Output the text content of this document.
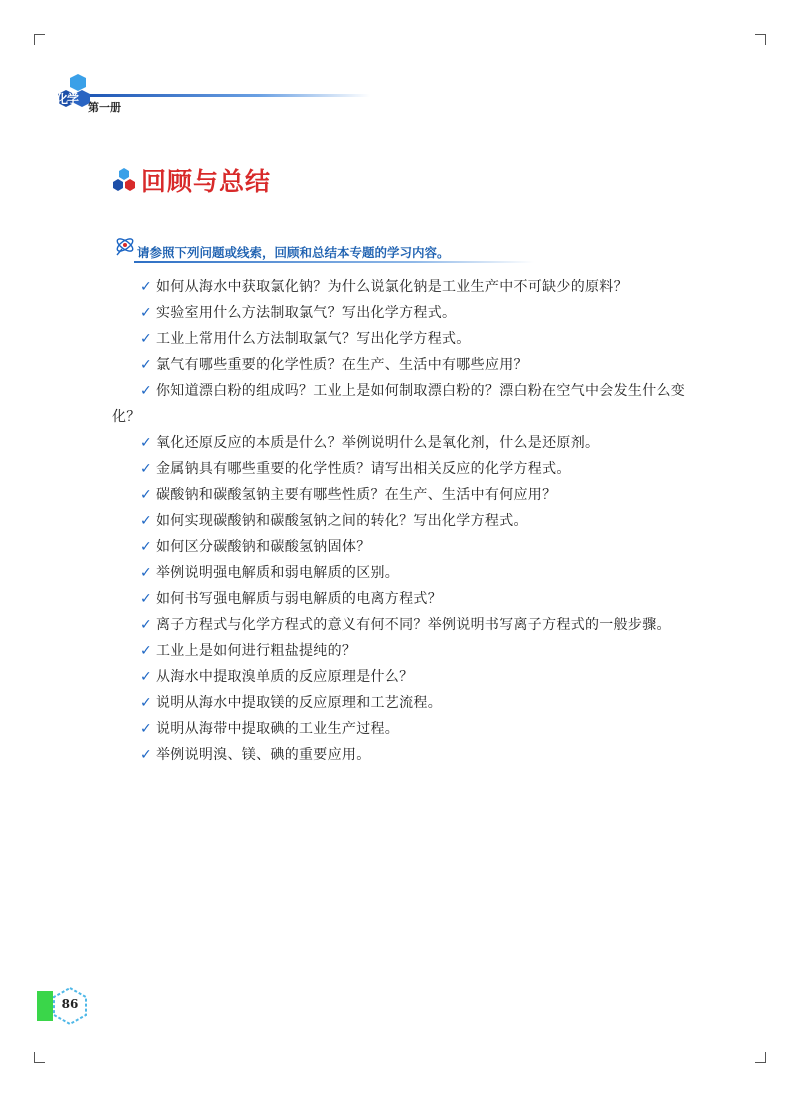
化学
第一册
回顾与总结
请参照下列问题或线索，回顾和总结本专题的学习内容。
✓ 如何从海水中获取氯化钠？为什么说氯化钠是工业生产中不可缺少的原料？
✓ 实验室用什么方法制取氯气？写出化学方程式。
✓ 工业上常用什么方法制取氯气？写出化学方程式。
✓ 氯气有哪些重要的化学性质？在生产、生活中有哪些应用？
✓ 你知道漂白粉的组成吗？工业上是如何制取漂白粉的？漂白粉在空气中会发生什么变化？
✓ 氧化还原反应的本质是什么？举例说明什么是氧化剂，什么是还原剂。
✓ 金属钠具有哪些重要的化学性质？请写出相关反应的化学方程式。
✓ 碳酸钠和碳酸氢钠主要有哪些性质？在生产、生活中有何应用？
✓ 如何实现碳酸钠和碳酸氢钠之间的转化？写出化学方程式。
✓ 如何区分碳酸钠和碳酸氢钠固体？
✓ 举例说明强电解质和弱电解质的区别。
✓ 如何书写强电解质与弱电解质的电离方程式？
✓ 离子方程式与化学方程式的意义有何不同？举例说明书写离子方程式的一般步骤。
✓ 工业上是如何进行粗盐提纯的？
✓ 从海水中提取溴单质的反应原理是什么？
✓ 说明从海水中提取镁的反应原理和工艺流程。
✓ 说明从海带中提取碘的工业生产过程。
✓ 举例说明溴、镁、碘的重要应用。
86
